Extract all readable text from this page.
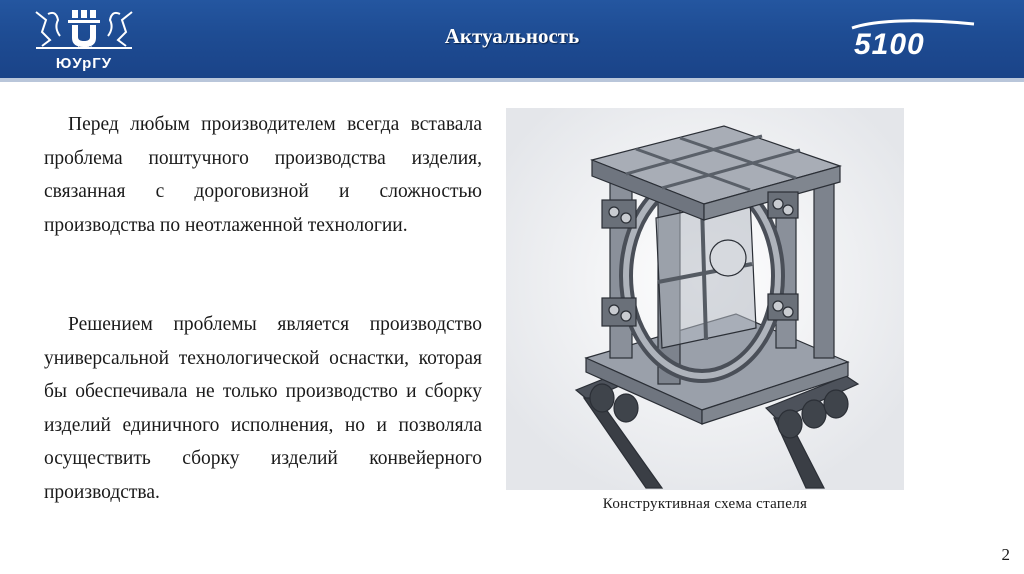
1943
ЮУрГУ
Актуальность	5100

Перед любым производителем всегда вставала проблема поштучного производства изделия, связанная с дороговизной и сложностью производства по неотлаженной технологии.

Решением проблемы является производство универсальной технологической оснастки, которая бы обеспечивала не только производство и сборку изделий единичного исполнения, но и позволяла осуществить сборку изделий конвейерного производства.

Конструктивная схема стапеля
2
